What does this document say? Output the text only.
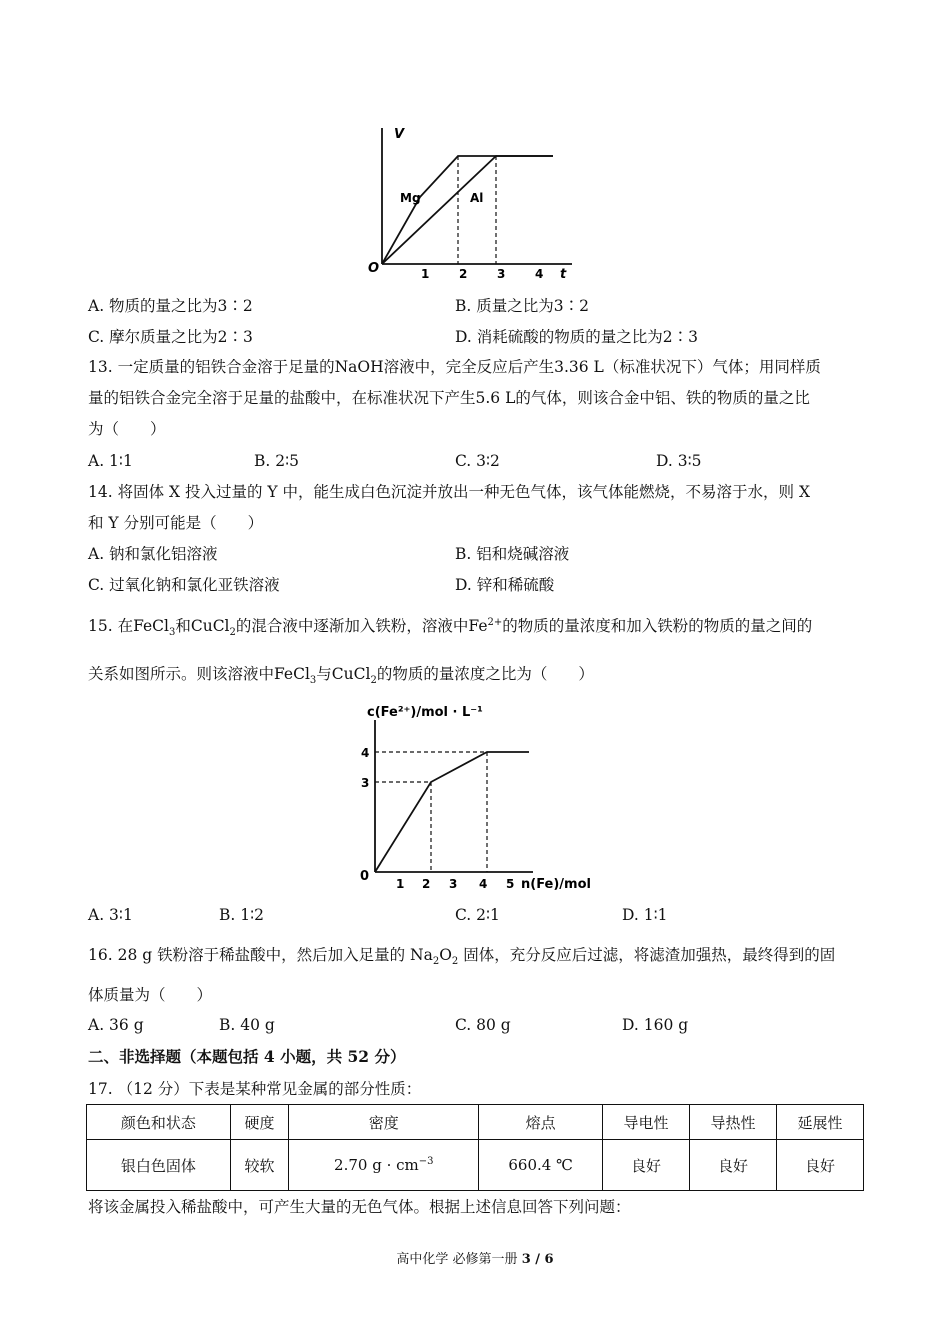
V
t
O	1 2 3 4
Mg	Al
A. 物质的量之比为3∶2	B. 质量之比为3∶2
C. 摩尔质量之比为2∶3	D. 消耗硫酸的物质的量之比为2∶3
13. 一定质量的铝铁合金溶于足量的NaOH溶液中，完全反应后产生3.36 L（标准状况下）气体；用同样质
量的铝铁合金完全溶于足量的盐酸中，在标准状况下产生5.6 L的气体，则该合金中铝、铁的物质的量之比
为（　　）
A. 1∶1	B. 2∶5	C. 3∶2	D. 3∶5
14. 将固体 X 投入过量的 Y 中，能生成白色沉淀并放出一种无色气体，该气体能燃烧，不易溶于水，则 X
和 Y 分别可能是（　　）
A. 钠和氯化铝溶液	B. 铝和烧碱溶液
C. 过氧化钠和氯化亚铁溶液	D. 锌和稀硫酸
15. 在FeCl$_3$和CuCl$_2$的混合液中逐渐加入铁粉，溶液中$Fe^{2+}$的物质的量浓度和加入铁粉的物质的量之间的
关系如图所示。则该溶液中FeCl$_3$与CuCl$_2$的物质的量浓度之比为（　　）
c(Fe²⁺)/mol · L⁻¹
n(Fe)/mol
0 1 2 3 4 5
3
4
A. 3∶1	B. 1∶2	C. 2∶1	D. 1∶1
16. 28 g 铁粉溶于稀盐酸中，然后加入足量的 $Na_2O_2$ 固体，充分反应后过滤，将滤渣加强热，最终得到的固
体质量为（　　）
A. 36 g	B. 40 g	C. 80 g	D. 160 g
二、非选择题（本题包括 4 小题，共 52 分）
17. （12 分）下表是某种常见金属的部分性质：
颜色和状态	硬度	密度	熔点	导电性	导热性	延展性
银白色固体	较软	2.70 $g \cdot cm^{-3}$	660.4 ℃	良好	良好	良好
将该金属投入稀盐酸中，可产生大量的无色气体。根据上述信息回答下列问题：
高中化学 必修第一册 3 / 6
